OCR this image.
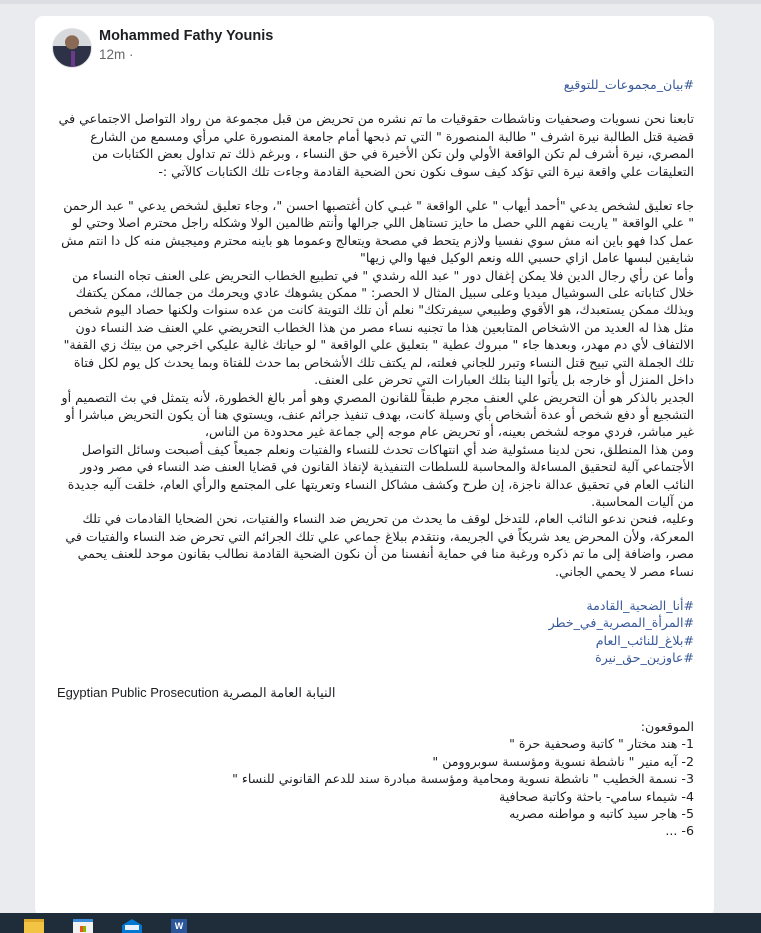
Mohammed Fathy Younis
12m ·
#بيان_مجموعات_للتوقيع

تابعنا نحن نسويات وصحفيات وناشطات حقوقيات ما تم نشره من تحريض من قبل مجموعة من رواد التواصل الاجتماعي في قضية قتل الطالبة نيرة اشرف " طالبة المنصورة " التي تم ذبحها أمام جامعة المنصورة علي مرأي ومسمع من الشارع المصري، نيرة أشرف لم تكن الواقعة الأولي ولن تكن الأخيرة في حق النساء ، وبرغم ذلك تم تداول بعض الكتابات من التعليقات علي واقعة نيرة التي تؤكد كيف سوف نكون نحن الضحية القادمة وجاءت تلك الكتابات كالآتي :-

جاء تعليق لشخص يدعي "أحمد أيهاب " علي الواقعة " غبـي كان أغتصبها احسن "، وجاء تعليق لشخص يدعي " عبد الرحمن " علي الواقعة " ياريت نفهم اللي حصل ما حايز تستاهل اللي جرالها وأنتم ظالمين الولا وشكله راجل محترم اصلا وحتي لو عمل كدا فهو باين انه مش سوي نفسيا ولازم يتحط في مصحة ويتعالج وعموما هو باينه محترم وميجيش منه كل دا انتم مش شايفين لبسها عامل ازاي حسبي الله ونعم الوكيل فيها والي زيها"

وأما عن رأي رجال الدين فلا يمكن إغفال دور " عبد الله رشدي " في تطبيع الخطاب التحريض على العنف تجاه النساء من خلال كتاباته على السوشيال ميديا وعلى سبيل المثال لا الحصر: " ممكن يشوهك عادي ويحرمك من جمالك، ممكن يكتفك ويذلك ممكن يستعبدك، هو الأقوي وطبيعي سيفرتكك" نعلم أن تلك التويتة كانت من عده سنوات ولكنها حصاد اليوم شخص مثل هذا له العديد من الاشخاص المتابعين هذا ما تجنيه نساء مصر من هذا الخطاب التحريضي علي العنف ضد النساء دون الالتفاف لأي دم مهدر، وبعدها جاء " مبروك عطية " بتعليق علي الواقعة " لو حياتك غالية عليكي اخرجي من بيتك زي القفة" تلك الجملة التي تبيح قتل النساء وتبرر للجاني فعلته، لم يكتف تلك الأشخاص بما حدث للفتاة وبما يحدث كل يوم لكل فتاة داخل المنزل أو خارجه بل يأتوا الينا بتلك العبارات التي تحرض على العنف.

الجدير بالذكر هو أن التحريض علي العنف مجرم طبقاً للقانون المصري وهو أمر بالغ الخطورة، لأنه يتمثل في بث التصميم أو التشجيع أو دفع شخص أو عدة أشخاص بأي وسيلة كانت، بهدف تنفيذ جرائم عنف، ويستوي هنا أن يكون التحريض مباشرا أو غير مباشر، فردي موجه لشخص بعينه، أو تحريض عام موجه إلي جماعة غير محدودة من الناس،

ومن هذا المنطلق، نحن لدينا مسئولية ضد أي انتهاكات تحدث للنساء والفتيات ونعلم جميعاً كيف أصبحت وسائل التواصل الأجتماعي آلية لتحقيق المساءلة والمحاسبة للسلطات التنفيذية لإنفاذ القانون في قضايا العنف ضد النساء في مصر ودور النائب العام في تحقيق عدالة ناجزة، إن طرح وكشف مشاكل النساء وتعريتها على المجتمع والرأي العام، خلقت آليه جديدة من آليات المحاسبة.

وعليه، فنحن ندعو النائب العام، للتدخل لوقف ما يحدث من تحريض ضد النساء والفتيات، نحن الضحايا القادمات في تلك المعركة، ولأن المحرض يعد شريكاً في الجريمة، ونتقدم ببلاغ جماعي علي تلك الجرائم التي تحرض ضد النساء والفتيات في مصر، واضافة إلى ما تم ذكره ورغبة منا في حماية أنفسنا من أن نكون الضحية القادمة نطالب بقانون موحد للعنف يحمي نساء مصر لا يحمي الجاني.

#أنا_الضحية_القادمة
#المرأة_المصرية_في_خطر
#بلاغ_للنائب_العام
#عاوزين_حق_نيرة
Egyptian Public Prosecution النيابة العامة المصرية
الموقعون:
1- هند مختار " كاتبة وصحفية حرة "
2- آيه منير " ناشطة نسوية ومؤسسة سوبروومن "
3- نسمة الخطيب " ناشطة نسوية ومحامية ومؤسسة مبادرة سند للدعم القانوني للنساء "
4- شيماء سامي- باحثة وكاتبة صحافية
5- هاجر سيد كاتبه و مواطنه مصريه
6- ...
W
